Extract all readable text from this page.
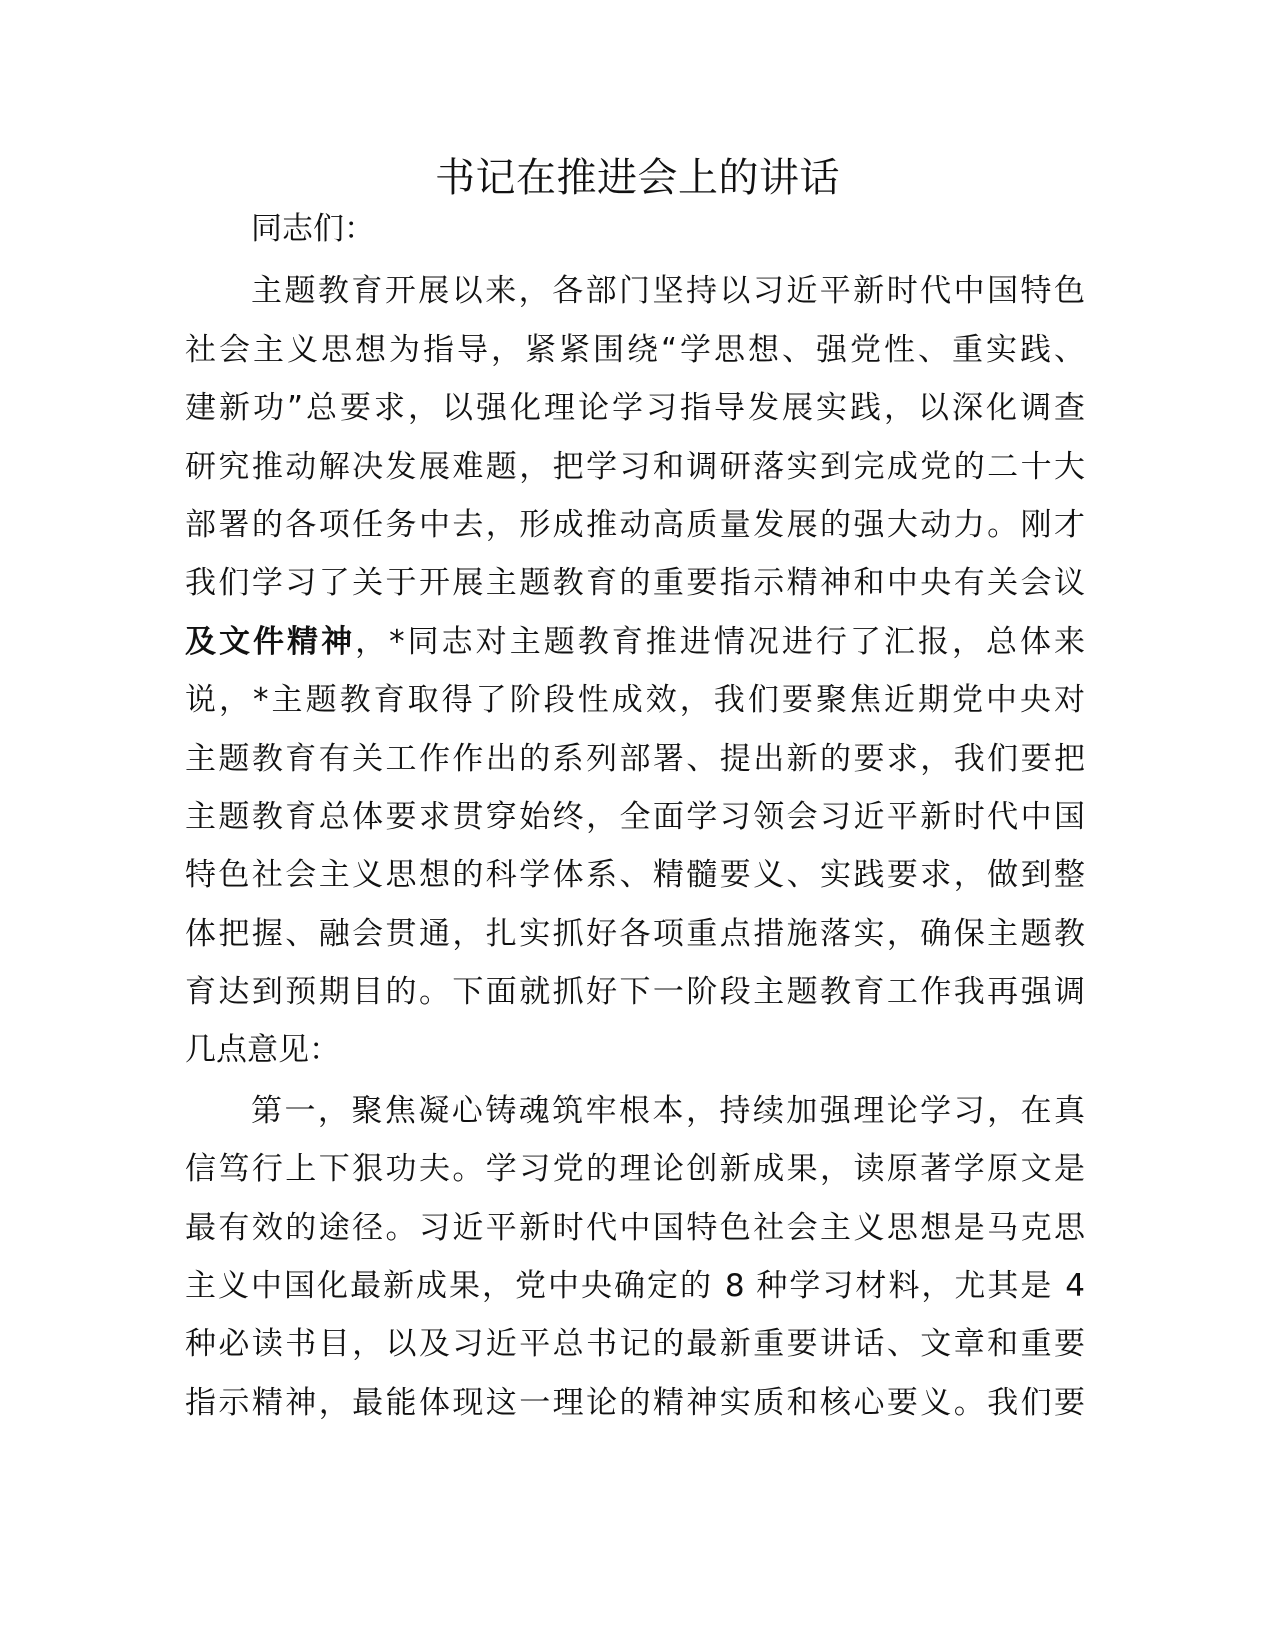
书记在推进会上的讲话
同志们：

主题教育开展以来，各部门坚持以习近平新时代中国特色
社会主义思想为指导，紧紧围绕“学思想、强党性、重实践、
建新功”总要求，以强化理论学习指导发展实践，以深化调查
研究推动解决发展难题，把学习和调研落实到完成党的二十大
部署的各项任务中去，形成推动高质量发展的强大动力。刚才
我们学习了关于开展主题教育的重要指示精神和中央有关会议
及文件精神，*同志对主题教育推进情况进行了汇报，总体来
说，*主题教育取得了阶段性成效，我们要聚焦近期党中央对
主题教育有关工作作出的系列部署、提出新的要求，我们要把
主题教育总体要求贯穿始终，全面学习领会习近平新时代中国
特色社会主义思想的科学体系、精髓要义、实践要求，做到整
体把握、融会贯通，扎实抓好各项重点措施落实，确保主题教
育达到预期目的。下面就抓好下一阶段主题教育工作我再强调
几点意见：

第一，聚焦凝心铸魂筑牢根本，持续加强理论学习，在真
信笃行上下狠功夫。学习党的理论创新成果，读原著学原文是
最有效的途径。习近平新时代中国特色社会主义思想是马克思
主义中国化最新成果，党中央确定的 8 种学习材料，尤其是 4
种必读书目，以及习近平总书记的最新重要讲话、文章和重要
指示精神，最能体现这一理论的精神实质和核心要义。我们要
